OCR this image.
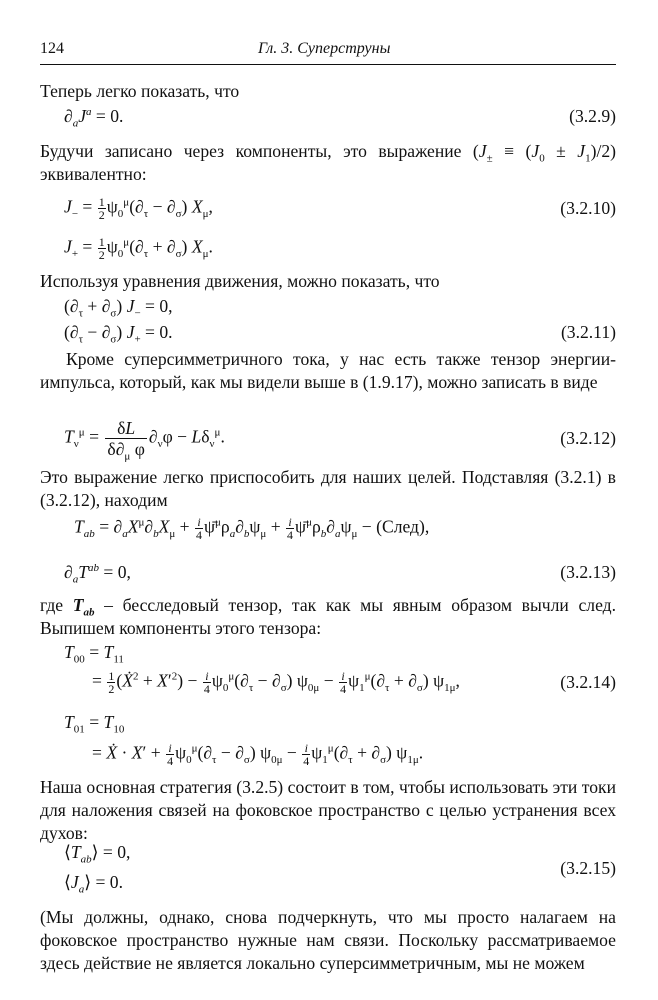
124	Гл. 3. Суперструны
Теперь легко показать, что
$\partial_aJ^a = 0$.	(3.2.9)
Будучи записано через компоненты, это выражение $(J_\pm \equiv (J_0 \pm J_1)/2)$ эквивалентно:
$J_- = \frac{1}{2} \psi_0^\mu(\partial_\tau - \partial_\sigma)$ $X_\mu$,	(3.2.10)
$J_+ = \frac{1}{2} \psi_0^\mu(\partial_\tau + \partial_\sigma)$ $X_\mu$.
Используя уравнения движения, можно показать, что
$(\partial_\tau + \partial_\sigma) J_- = 0$,
$(\partial_\tau - \partial_\sigma) J_+ = 0$.	(3.2.11)
Кроме суперсимметричного тока, у нас есть также тензор энергии-импульса, который, как мы видели выше в (1.9.17), можно записать в виде
$T_\nu^\mu = \frac{\delta L}{\delta\partial_\mu \varphi} \partial_\nu\varphi - L\delta_\nu^\mu$.	(3.2.12)
Это выражение легко приспособить для наших целей. Подставляя (3.2.1) в (3.2.12), находим
$T_{ab} = \partial_aX^\mu\partial_bX_\mu + \frac{i}{4}$ $\psī^\mu\rho_a\partial_b\psi_\mu + \frac{i}{4}$ $\psī^\mu\rho_b\partial_a\psi_\mu$ − (След),
$\partial_aT^{ab} = 0$,	(3.2.13)
где $T_{ab}$ – бесследовый тензор, так как мы явным образом вычли след. Выпишем компоненты этого тензора:
$T_{00} = T_{11}$
= $\frac{1}{2}$ (Ẋ$^2$ + $X'^2) - \frac{i}{4} \psi_0^\mu(\partial_\tau - \partial_\sigma)$ $\psi_{0\mu} - \frac{i}{4} \psi_1^\mu(\partial_\tau + \partial_\sigma)$ $\psi_{1\mu}$,	(3.2.14)
$T_{01} = T_{10}$
= Ẋ · $X' + \frac{i}{4} \psi_0^\mu(\partial_\tau - \partial_\sigma) \psi_{0\mu} - \frac{i}{4} \psi_1^\mu(\partial_\tau + \partial_\sigma)$ $\psi_{1\mu}$.
Наша основная стратегия (3.2.5) состоит в том, чтобы использовать эти токи для наложения связей на фоковское пространство с целью устранения всех духов:
$⟨T_{ab}⟩ = 0$,
$⟨J_a⟩ = 0$.
(3.2.15)
(Мы должны, однако, снова подчеркнуть, что мы просто налагаем на фоковское пространство нужные нам связи. Поскольку рассматриваемое здесь действие не является локально суперсимметричным, мы не можем
